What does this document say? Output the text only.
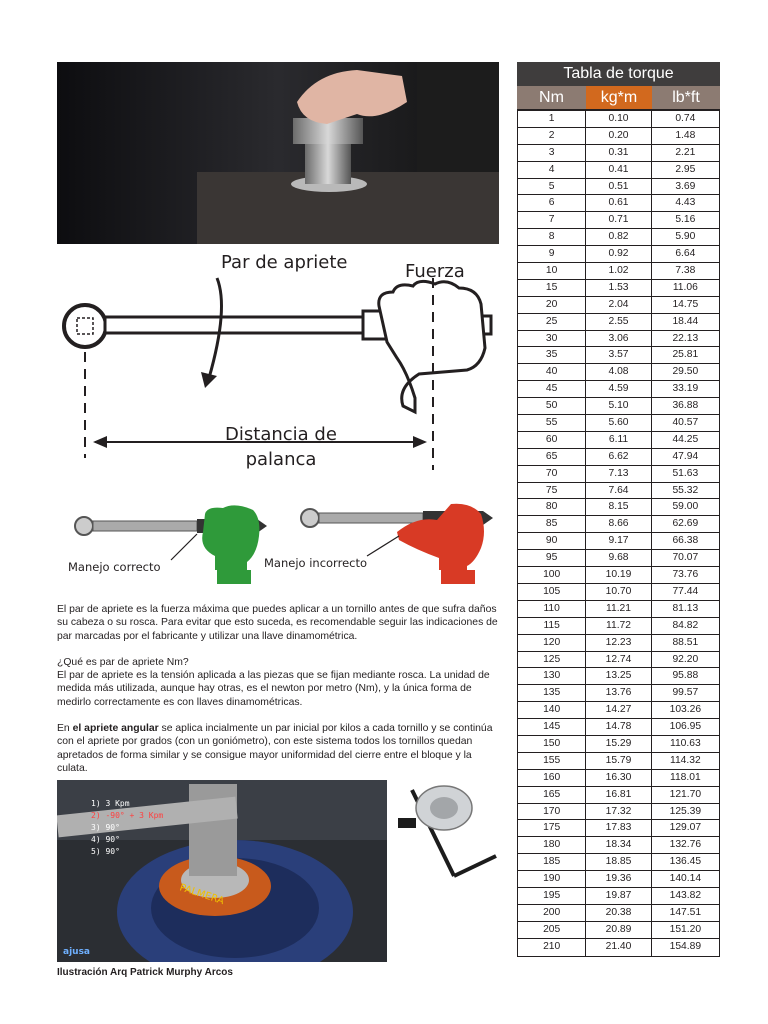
Par de apriete	Fuerza
Distancia de
palanca
Manejo correcto	Manejo incorrecto

El par de apriete es la fuerza máxima que puedes aplicar a un tornillo antes de que sufra daños su cabeza o su rosca. Para evitar que esto suceda, es recomendable seguir las indicaciones de par marcadas por el fabricante y utilizar una llave dinamométrica.

¿Qué es par de apriete Nm?
El par de apriete es la tensión aplicada a las piezas que se fijan mediante rosca. La unidad de medida más utilizada, aunque hay otras, es el newton por metro (Nm), y la única forma de medirlo correctamente es con llaves dinamométricas.

En el apriete angular se aplica incialmente un par inicial por kilos a cada tornillo y se continúa con el apriete por grados (con un goniómetro), con este sistema todos los tornillos quedan apretados de forma similar y se consigue mayor uniformidad del cierre entre el bloque y la culata.

1) 3 Kpm
2) -90° + 3 Kpm
3) 90°
4) 90°
5) 90°
PALMERA
ajusa
Ilustración Arq Patrick Murphy Arcos
Tabla de torque
Nm	kg*m	lb*ft
1	0.10	0.74
2	0.20	1.48
3	0.31	2.21
4	0.41	2.95
5	0.51	3.69
6	0.61	4.43
7	0.71	5.16
8	0.82	5.90
9	0.92	6.64
10	1.02	7.38
15	1.53	11.06
20	2.04	14.75
25	2.55	18.44
30	3.06	22.13
35	3.57	25.81
40	4.08	29.50
45	4.59	33.19
50	5.10	36.88
55	5.60	40.57
60	6.11	44.25
65	6.62	47.94
70	7.13	51.63
75	7.64	55.32
80	8.15	59.00
85	8.66	62.69
90	9.17	66.38
95	9.68	70.07
100	10.19	73.76
105	10.70	77.44
110	11.21	81.13
115	11.72	84.82
120	12.23	88.51
125	12.74	92.20
130	13.25	95.88
135	13.76	99.57
140	14.27	103.26
145	14.78	106.95
150	15.29	110.63
155	15.79	114.32
160	16.30	118.01
165	16.81	121.70
170	17.32	125.39
175	17.83	129.07
180	18.34	132.76
185	18.85	136.45
190	19.36	140.14
195	19.87	143.82
200	20.38	147.51
205	20.89	151.20
210	21.40	154.89
